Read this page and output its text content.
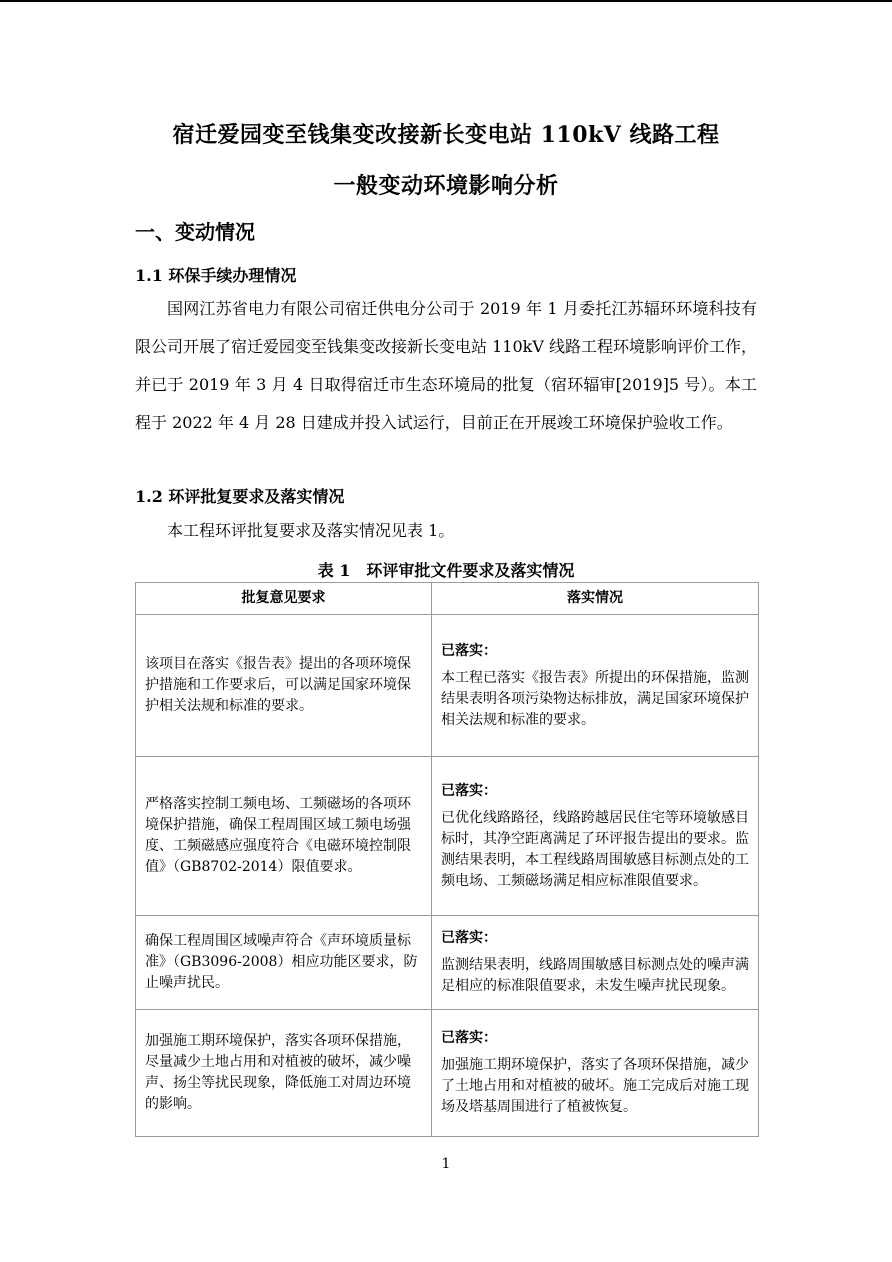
宿迁爱园变至钱集变改接新长变电站 110kV 线路工程
一般变动环境影响分析
一、变动情况
1.1 环保手续办理情况

国网江苏省电力有限公司宿迁供电分公司于 2019 年 1 月委托江苏辐环环境科技有限公司开展了宿迁爱园变至钱集变改接新长变电站 110kV 线路工程环境影响评价工作，并已于 2019 年 3 月 4 日取得宿迁市生态环境局的批复（宿环辐审[2019]5 号）。本工程于 2022 年 4 月 28 日建成并投入试运行，目前正在开展竣工环境保护验收工作。

1.2 环评批复要求及落实情况

本工程环评批复要求及落实情况见表 1。

表 1　环评审批文件要求及落实情况
批复意见要求	落实情况
该项目在落实《报告表》提出的各项环境保护措施和工作要求后，可以满足国家环境保护相关法规和标准的要求。	已落实：
本工程已落实《报告表》所提出的环保措施，监测结果表明各项污染物达标排放，满足国家环境保护相关法规和标准的要求。

严格落实控制工频电场、工频磁场的各项环境保护措施，确保工程周围区域工频电场强度、工频磁感应强度符合《电磁环境控制限值》（GB8702-2014）限值要求。	已落实：
已优化线路路径，线路跨越居民住宅等环境敏感目标时，其净空距离满足了环评报告提出的要求。监测结果表明，本工程线路周围敏感目标测点处的工频电场、工频磁场满足相应标准限值要求。

确保工程周围区域噪声符合《声环境质量标准》（GB3096-2008）相应功能区要求，防止噪声扰民。	已落实：
监测结果表明，线路周围敏感目标测点处的噪声满足相应的标准限值要求，未发生噪声扰民现象。

加强施工期环境保护，落实各项环保措施，尽量减少土地占用和对植被的破坏，减少噪声、扬尘等扰民现象，降低施工对周边环境的影响。	已落实：
加强施工期环境保护，落实了各项环保措施，减少了土地占用和对植被的破坏。施工完成后对施工现场及塔基周围进行了植被恢复。
1
